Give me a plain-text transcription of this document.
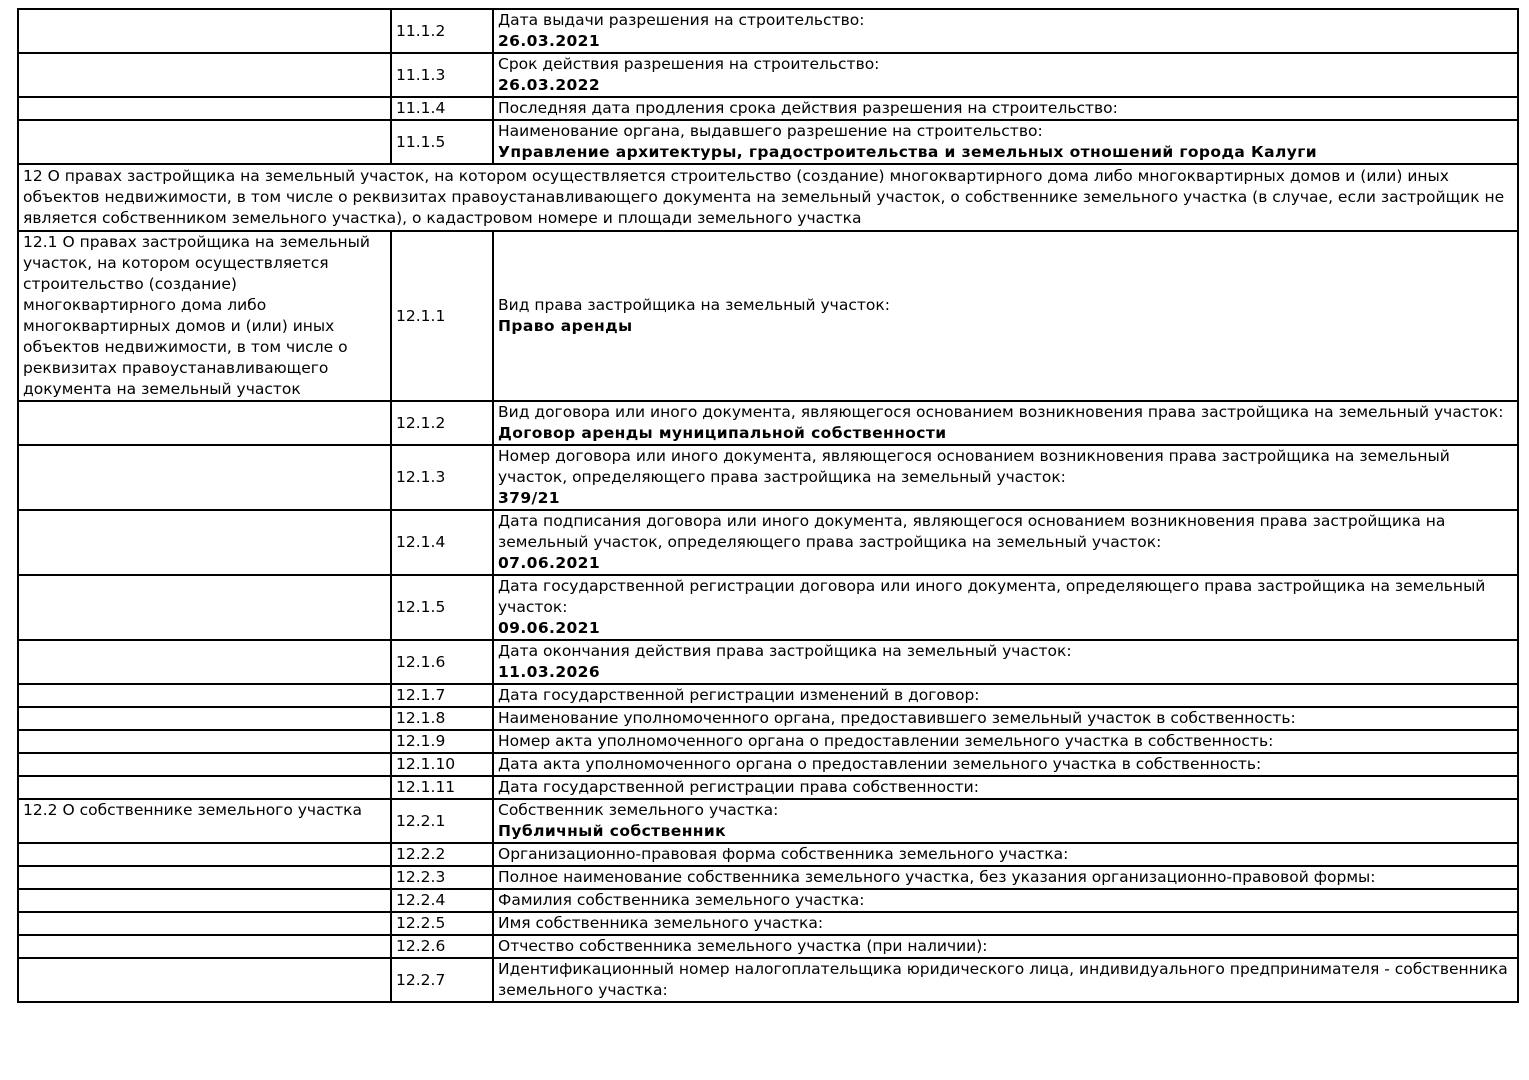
	11.1.2	Дата выдачи разрешения на строительство:
26.03.2021

	11.1.3	Срок действия разрешения на строительство:
26.03.2022

	11.1.4	Последняя дата продления срока действия разрешения на строительство:

	11.1.5	Наименование органа, выдавшего разрешение на строительство:
Управление архитектуры, градостроительства и земельных отношений города Калуги

12 О правах застройщика на земельный участок, на котором осуществляется строительство (создание) многоквартирного дома либо многоквартирных домов и (или) иных объектов недвижимости, в том числе о реквизитах правоустанавливающего документа на земельный участок, о собственнике земельного участка (в случае, если застройщик не является собственником земельного участка), о кадастровом номере и площади земельного участка		
12.1 О правах застройщика на земельный участок, на котором осуществляется строительство (создание) многоквартирного дома либо многоквартирных домов и (или) иных объектов недвижимости, в том числе о реквизитах правоустанавливающего документа на земельный участок	12.1.1	Вид права застройщика на земельный участок:
Право аренды

	12.1.2	Вид договора или иного документа, являющегося основанием возникновения права застройщика на земельный участок:
Договор аренды муниципальной собственности

	12.1.3	Номер договора или иного документа, являющегося основанием возникновения права застройщика на земельный участок, определяющего права застройщика на земельный участок:
379/21

	12.1.4	Дата подписания договора или иного документа, являющегося основанием возникновения права застройщика на земельный участок, определяющего права застройщика на земельный участок:
07.06.2021

	12.1.5	Дата государственной регистрации договора или иного документа, определяющего права застройщика на земельный участок:
09.06.2021

	12.1.6	Дата окончания действия права застройщика на земельный участок:
11.03.2026

	12.1.7	Дата государственной регистрации изменений в договор:

	12.1.8	Наименование уполномоченного органа, предоставившего земельный участок в собственность:

	12.1.9	Номер акта уполномоченного органа о предоставлении земельного участка в собственность:

	12.1.10	Дата акта уполномоченного органа о предоставлении земельного участка в собственность:

	12.1.11	Дата государственной регистрации права собственности:

12.2 О собственнике земельного участка	12.2.1	Собственник земельного участка:
Публичный собственник

	12.2.2	Организационно-правовая форма собственника земельного участка:

	12.2.3	Полное наименование собственника земельного участка, без указания организационно-правовой формы:

	12.2.4	Фамилия собственника земельного участка:

	12.2.5	Имя собственника земельного участка:

	12.2.6	Отчество собственника земельного участка (при наличии):

	12.2.7	Идентификационный номер налогоплательщика юридического лица, индивидуального предпринимателя - собственника земельного участка:
